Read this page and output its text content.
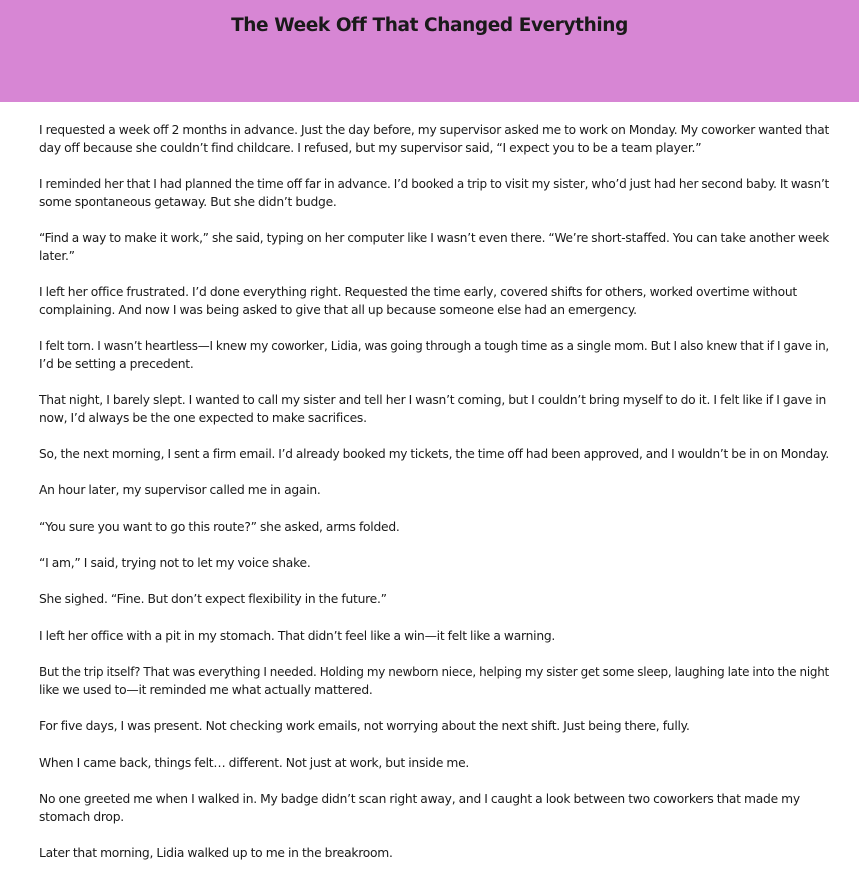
The Week Off That Changed Everything

I requested a week off 2 months in advance. Just the day before, my supervisor asked me to work on Monday. My coworker wanted that
day off because she couldn’t find childcare. I refused, but my supervisor said, “I expect you to be a team player.”

I reminded her that I had planned the time off far in advance. I’d booked a trip to visit my sister, who’d just had her second baby. It wasn’t
some spontaneous getaway. But she didn’t budge.

“Find a way to make it work,” she said, typing on her computer like I wasn’t even there. “We’re short-staffed. You can take another week
later.”

I left her office frustrated. I’d done everything right. Requested the time early, covered shifts for others, worked overtime without
complaining. And now I was being asked to give that all up because someone else had an emergency.

I felt torn. I wasn’t heartless—I knew my coworker, Lidia, was going through a tough time as a single mom. But I also knew that if I gave in,
I’d be setting a precedent.

That night, I barely slept. I wanted to call my sister and tell her I wasn’t coming, but I couldn’t bring myself to do it. I felt like if I gave in
now, I’d always be the one expected to make sacrifices.

So, the next morning, I sent a firm email. I’d already booked my tickets, the time off had been approved, and I wouldn’t be in on Monday.

An hour later, my supervisor called me in again.

“You sure you want to go this route?” she asked, arms folded.

“I am,” I said, trying not to let my voice shake.

She sighed. “Fine. But don’t expect flexibility in the future.”

I left her office with a pit in my stomach. That didn’t feel like a win—it felt like a warning.

But the trip itself? That was everything I needed. Holding my newborn niece, helping my sister get some sleep, laughing late into the night
like we used to—it reminded me what actually mattered.

For five days, I was present. Not checking work emails, not worrying about the next shift. Just being there, fully.

When I came back, things felt… different. Not just at work, but inside me.

No one greeted me when I walked in. My badge didn’t scan right away, and I caught a look between two coworkers that made my
stomach drop.

Later that morning, Lidia walked up to me in the breakroom.
